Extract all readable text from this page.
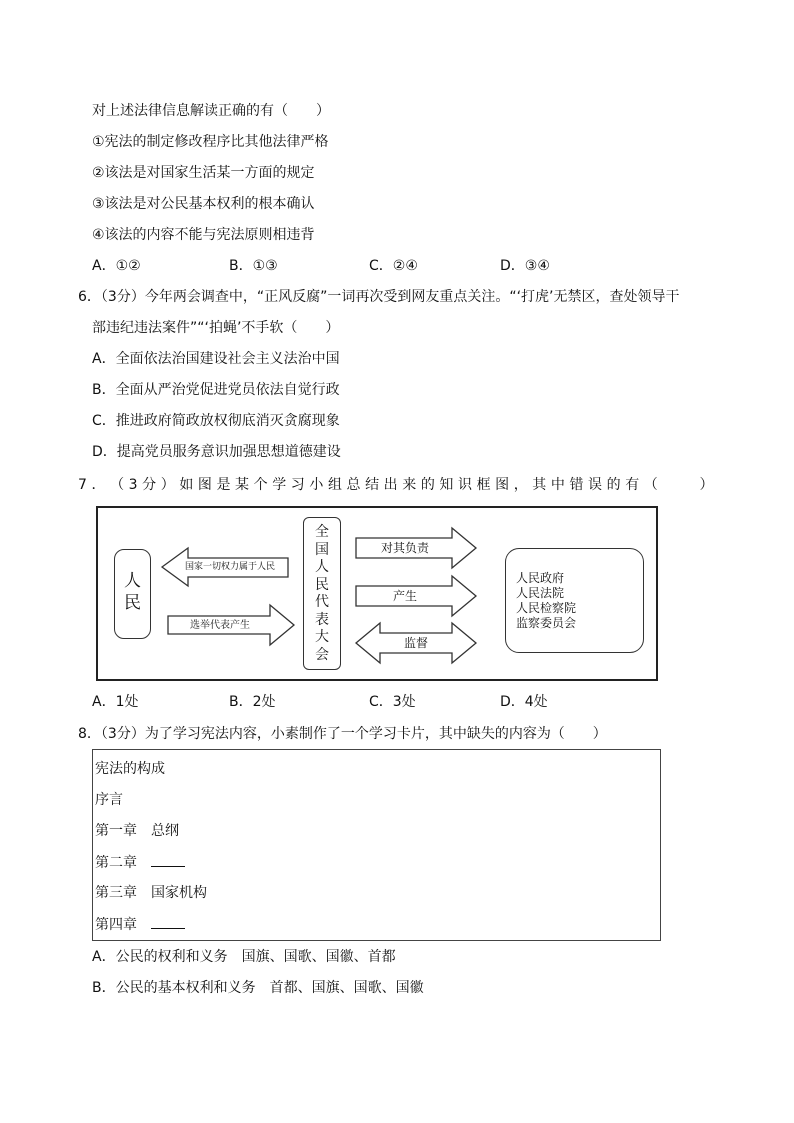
对上述法律信息解读正确的有（　　）
①宪法的制定修改程序比其他法律严格
②该法是对国家生活某一方面的规定
③该法是对公民基本权利的根本确认
④该法的内容不能与宪法原则相违背
A．①②	B．①③	C．②④	D．③④
6．（3分）今年两会调查中，“正风反腐”一词再次受到网友重点关注。“‘打虎’无禁区，查处领导干
部违纪违法案件”“‘拍蝇’不手软（　　）
A．全面依法治国建设社会主义法治中国
B．全面从严治党促进党员依法自觉行政
C．推进政府简政放权彻底消灭贪腐现象
D．提高党员服务意识加强思想道德建设
7 ． （ 3 分 ） 如 图 是 某 个 学 习 小 组 总 结 出 来 的 知 识 框 图 ， 其 中 错 误 的 有 （

　	）
人民
国家一切权力属于人民
选举代表产生
全
国
人
民
代
表
大
会
对其负责
产生
监督
人民政府
人民法院
人民检察院
监察委员会
A．1处	B．2处	C．3处	D．4处
8．（3分）为了学习宪法内容，小素制作了一个学习卡片，其中缺失的内容为（　　）
宪法的构成
序言
第一章　总纲
第二章　
第三章　国家机构
第四章　
A．公民的权利和义务　国旗、国歌、国徽、首都
B．公民的基本权利和义务　首都、国旗、国歌、国徽
